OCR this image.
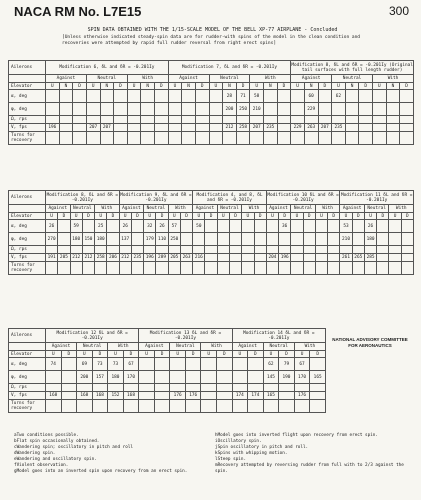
NACA RM No. L7E15	300
SPIN DATA OBTAINED WITH THE 1/15-SCALE MODEL OF THE BELL XP-77 AIRPLANE - Concluded
[Unless otherwise indicated steady-spin data are for rudder-with spins of the model in the clean condition and recoveries were attempted by rapid full rudder reversal from right erect spins]
Ailerons	Modification 6, δL and δR = -0.201Iy									Modification 7, δL and δR = -0.201Iy									Modification 8, δL and δR = -0.201Iy (Original tail surfaces with full length rudder)								
	Against			Neutral			With			Against			Neutral			With			Against			Neutral			With		
Elevator	U	N	D	U	N	D	U	N	D	U	N	D	U	N	D	U	N	D	U	N	D	U	N	D	U	N	D
α, deg														28	71	58				60		62					
φ, deg														200	250	210				229							
Ω, rps																											
V, fps	196			207	207									212	258	207	235		229	263	207	235					
Turns for recovery																											
Ailerons	Modification 8, δL and δR = -0.201Iy						Modification 9, δL and δR = -0.201Iy						Modification 4, and 8, δL and δR = -0.201Iy						Modification 10 δL and δR = -0.201Iy						Modification 11 δL and δR = -0.201Iy					
	Against		Neutral		With		Against		Neutral		With		Against		Neutral		With		Against		Neutral		With		Against		Neutral		With	
Elevator	U	D	U	D	U	D	U	D	U	D	U	D	U	D	U	D	U	D	U	D	U	D	U	D	U	D	U	D	U	D
α, deg	26		59		25		26		32	26	57		50							36					53		26			
φ, deg	270		180	150	180		137		179	110	250														210		180			
Ω, rps																														
V, fps	191	205	212	212	258	206	212	235	196	289	205	263	216						204	196					261	265	285			
Turns for recovery																														
Ailerons	Modification 12 δL and δR = -0.201Iy						Modification 13 δL and δR = -0.201Iy						Modification 14 δL and δR = -0.201Iy					
	Against		Neutral		With		Against		Neutral		With		Against		Neutral		With	
Elevator	U	D	U	D	U	D	U	D	U	D	U	D	U	D	U	D	U	D
α, deg	74		69	73	73	67									62	79	67	
φ, deg			200	157	180	170									145	190	170	165
Ω, rps																		
V, fps	168		168	168	152	168			176	176			174	174	165		176	
Turns for recovery																		
NATIONAL ADVISORY COMMITTEE FOR AERONAUTICS
aTwo conditions possible.
bFlat spin occasionally obtained.
cWandering spin; oscillatory in pitch and roll
dWandering spin.
eWandering and oscillatory spin.
fViolent observation.
gModel goes into an inverted spin upon recovery from an erect spin.
hModel goes into inverted flight upon recovery from erect spin.
iOscillatory spin.
jSpin oscillatory in pitch and roll.
kSpins with whipping motion.
lSteep spin.
mRecovery attempted by reversing rudder from full with to 2/3 against the spin.
